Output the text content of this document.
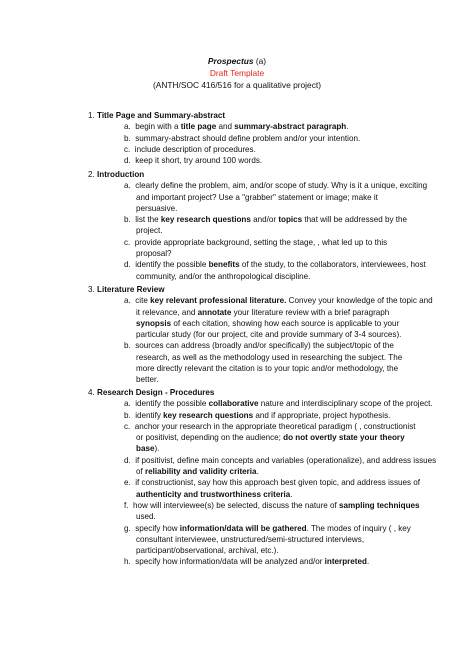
Prospectus (a)
Draft Template
(ANTH/SOC 416/516 for a qualitative project)
1. Title Page and Summary-abstract
a.  begin with a title page and summary-abstract paragraph.
b.  summary-abstract should define problem and/or your intention.
c.  include description of procedures.
d.  keep it short, try around 100 words.
2. Introduction
a.  clearly define the problem, aim, and/or scope of study. Why is it a unique, exciting
and important project? Use a "grabber" statement or image; make it
persuasive.
b.  list the key research questions and/or topics that will be addressed by the
project.
c.  provide appropriate background, setting the stage, , what led up to this
proposal?
d.  identify the possible benefits of the study, to the collaborators, interviewees, host
community, and/or the anthropological discipline.
3. Literature Review
a.  cite key relevant professional literature. Convey your knowledge of the topic and
it relevance, and annotate your literature review with a brief paragraph
synopsis of each citation, showing how each source is applicable to your
particular study (for our project, cite and provide summary of 3-4 sources).
b.  sources can address (broadly and/or specifically) the subject/topic of the
research, as well as the methodology used in researching the subject. The
more directly relevant the citation is to your topic and/or methodology, the
better.
4. Research Design - Procedures
a.  identify the possible collaborative nature and interdisciplinary scope of the project.
b.  identify key research questions and if appropriate, project hypothesis.
c.  anchor your research in the appropriate theoretical paradigm ( , constructionist
or positivist, depending on the audience; do not overtly state your theory
base).
d.  if positivist, define main concepts and variables (operationalize), and address issues
of reliability and validity criteria.
e.  if constructionist, say how this approach best given topic, and address issues of
authenticity and trustworthiness criteria.
f.  how will interviewee(s) be selected, discuss the nature of sampling techniques
used.
g.  specify how information/data will be gathered. The modes of inquiry ( , key
consultant interviewee, unstructured/semi-structured interviews,
participant/observational, archival, etc.).
h.  specify how information/data will be analyzed and/or interpreted.
